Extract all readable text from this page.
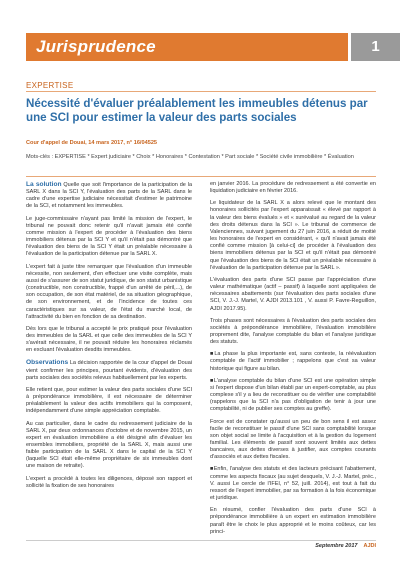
Jurisprudence	1
EXPERTISE
Nécessité d'évaluer préalablement les immeubles détenus par une SCI pour estimer la valeur des parts sociales
Cour d'appel de Douai, 14 mars 2017, n° 16/04525
Mots-clés : EXPERTISE * Expert judiciaire * Choix * Honoraires * Contestation * Part sociale * Société civile immobilière * Évaluation

La solution Quelle que soit l'importance de la participation de la SARL X dans la SCI Y, l'évaluation des parts de la SARL dans le cadre d'une expertise judiciaire nécessitait d'estimer le patrimoine de la SCI, et notamment les immeubles.

Le juge-commissaire n'ayant pas limité la mission de l'expert, le tribunal ne pouvait donc retenir qu'il n'avait jamais été confié comme mission à l'expert de procéder à l'évaluation des biens immobiliers détenus par la SCI Y et qu'il n'était pas démontré que l'évaluation des biens de la SCI Y était un préalable nécessaire à l'évaluation de la participation détenue par la SARL X.

L'expert fait à juste titre remarquer que l'évaluation d'un immeuble nécessite, non seulement, d'en effectuer une visite complète, mais aussi de s'assurer de son statut juridique, de son statut urbanistique (constructible, non constructible, frappé d'un arrêté de péril,...), de son occupation, de son état matériel, de sa situation géographique, de son environnement, et de l'incidence de toutes ces caractéristiques sur sa valeur, de l'état du marché local, de l'attractivité du bien en fonction de sa destination.

Dès lors que le tribunal a accepté le prix pratiqué pour l'évaluation des immeubles de la SARL et que celle des immeubles de la SCI Y s'avérait nécessaire, il ne pouvait réduire les honoraires réclamés en excluant l'évaluation desdits immeubles.

Observations La décision rapportée de la cour d'appel de Douai vient confirmer les principes, pourtant évidents, d'évaluation des parts sociales des sociétés relevus habituellement par les experts.

Elle retient que, pour estimer la valeur des parts sociales d'une SCI à prépondérance immobilière, il est nécessaire de déterminer préalablement la valeur des actifs immobiliers qui la composent, indépendamment d'une simple appréciation comptable.

Au cas particulier, dans le cadre du redressement judiciaire de la SARL X, par deux ordonnances d'octobre et de novembre 2015, un expert en évaluation immobilière a été désigné afin d'évaluer les ensembles immobiliers, propriété de la SARL X, mais aussi une faible participation de la SARL X dans le capital de la SCI Y (laquelle SCI était elle-même propriétaire de six immeubles dont une maison de retraite).

L'expert a procédé à toutes les diligences, déposé son rapport et sollicité la fixation de ses honoraires

en janvier 2016. La procédure de redressement a été convertie en liquidation judiciaire en février 2016.

Le liquidateur de la SARL X a alors relevé que le montant des honoraires sollicités par l'expert apparaissait « élevé par rapport à la valeur des biens évalués » et « surévalué au regard de la valeur des droits détenus dans la SCI ». Le tribunal de commerce de Valenciennes, suivant jugement du 27 juin 2016, a réduit de moitié les honoraires de l'expert en considérant, « qu'il n'avait jamais été confié comme mission [à celui-ci] de procéder à l'évaluation des biens immobiliers détenus par la SCI et qu'il n'était pas démontré que l'évaluation des biens de la SCI était un préalable nécessaire à l'évaluation de la participation détenue par la SARL ».

L'évaluation des parts d'une SCI passe par l'appréciation d'une valeur mathématique (actif – passif) à laquelle sont appliquées de nécessaires abattements (sur l'évaluation des parts sociales d'une SCI, V. J.-J. Martel, V. AJDI 2013.101 , V. aussi P. Favre-Reguillon, AJDI 2017.95).

Trois phases sont nécessaires à l'évaluation des parts sociales des sociétés à prépondérance immobilière, l'évaluation immobilière proprement dite, l'analyse comptable du bilan et l'analyse juridique des statuts.

■La phase la plus importante est, sans conteste, la réévaluation comptable de l'actif immobilier ; rappelons que c'est sa valeur historique qui figure au bilan.

■L'analyse comptable du bilan d'une SCI est une opération simple si l'expert dispose d'un bilan établi par un expert-comptable, au plus complexe s'il y a lieu de reconstituer ou de vérifier une comptabilité (rappelons que la SCI n'a pas d'obligation de tenir à jour une comptabilité, ni de publier ses comptes au greffe).

Force est de constater qu'aussi un peu de bon sens il est assez facile de reconstituer le passif d'une SCI sans comptabilité lorsque son objet social se limite à l'acquisition et à la gestion du logement familial. Les éléments de passif sont souvent limités aux dettes bancaires, aux dettes diverses à justifier, aux comptes courants d'associés et aux dettes fiscales.

■Enfin, l'analyse des statuts et des lacteurs précisant l'abattement, comme les aspects fiscaux (au sujet desquels, V. J.-J. Martel, préc., V. aussi Le cercle de l'IFEI, n° 52, juill. 2014), est tout à fait du ressort de l'expert immobilier, par sa formation à la fois économique et juridique.

En résumé, confier l'évaluation des parts d'une SCI à prépondérance immobilière à un expert en estimation immobilière paraît être le choix le plus approprié et le moins coûteux, car les princi-

Septembre 2017 AJDI
